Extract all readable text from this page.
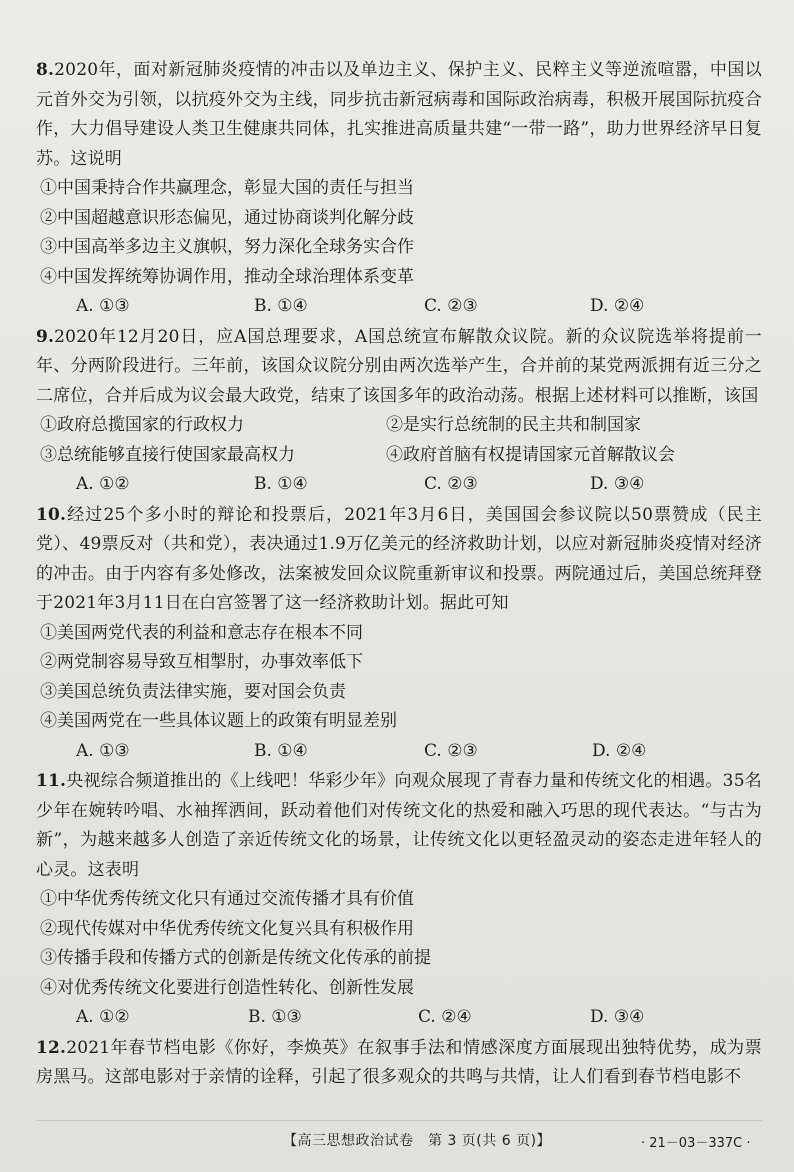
8.2020年，面对新冠肺炎疫情的冲击以及单边主义、保护主义、民粹主义等逆流喧嚣，中国以元首外交为引领，以抗疫外交为主线，同步抗击新冠病毒和国际政治病毒，积极开展国际抗疫合作，大力倡导建设人类卫生健康共同体，扎实推进高质量共建“一带一路”，助力世界经济早日复苏。这说明

①中国秉持合作共赢理念，彰显大国的责任与担当

②中国超越意识形态偏见，通过协商谈判化解分歧

③中国高举多边主义旗帜，努力深化全球务实合作

④中国发挥统筹协调作用，推动全球治理体系变革

A. ①③	B. ①④	C. ②③	D. ②④

9.2020年12月20日，应A国总理要求，A国总统宣布解散众议院。新的众议院选举将提前一年、分两阶段进行。三年前，该国众议院分别由两次选举产生，合并前的某党两派拥有近三分之二席位，合并后成为议会最大政党，结束了该国多年的政治动荡。根据上述材料可以推断，该国

①政府总揽国家的行政权力	②是实行总统制的民主共和制国家
③总统能够直接行使国家最高权力	④政府首脑有权提请国家元首解散议会
A. ①②	B. ①④	C. ②③	D. ③④

10.经过25个多小时的辩论和投票后，2021年3月6日，美国国会参议院以50票赞成（民主党）、49票反对（共和党），表决通过1.9万亿美元的经济救助计划，以应对新冠肺炎疫情对经济的冲击。由于内容有多处修改，法案被发回众议院重新审议和投票。两院通过后，美国总统拜登于2021年3月11日在白宫签署了这一经济救助计划。据此可知

①美国两党代表的利益和意志存在根本不同

②两党制容易导致互相掣肘，办事效率低下

③美国总统负责法律实施，要对国会负责

④美国两党在一些具体议题上的政策有明显差别

A. ①③	B. ①④	C. ②③	D. ②④

11.央视综合频道推出的《上线吧！华彩少年》向观众展现了青春力量和传统文化的相遇。35名少年在婉转吟唱、水袖挥洒间，跃动着他们对传统文化的热爱和融入巧思的现代表达。“与古为新”，为越来越多人创造了亲近传统文化的场景，让传统文化以更轻盈灵动的姿态走进年轻人的心灵。这表明

①中华优秀传统文化只有通过交流传播才具有价值

②现代传媒对中华优秀传统文化复兴具有积极作用

③传播手段和传播方式的创新是传统文化传承的前提

④对优秀传统文化要进行创造性转化、创新性发展

A. ①②	B. ①③	C. ②④	D. ③④

12.2021年春节档电影《你好，李焕英》在叙事手法和情感深度方面展现出独特优势，成为票房黑马。这部电影对于亲情的诠释，引起了很多观众的共鸣与共情，让人们看到春节档电影不

【高三思想政治试卷　第 3 页(共 6 页)】	· 21－03－337C ·
